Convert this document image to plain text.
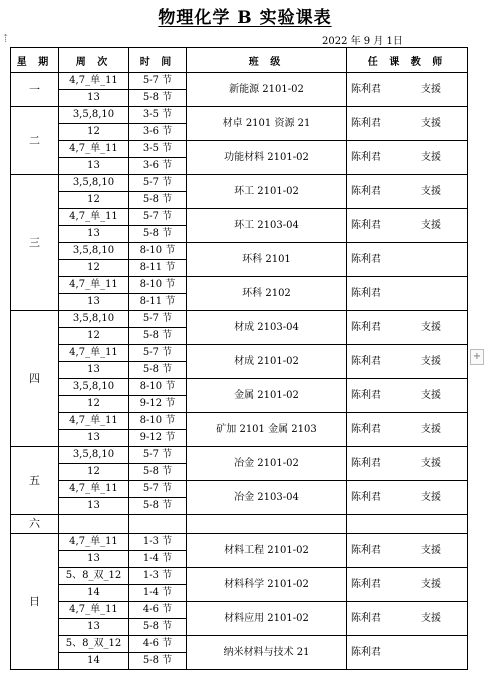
物理化学 B 实验课表
2022 年 9 月 1日
⇡
+
星 期	周 次	时 间	班 级	任 课 教 师
一	4,7_单_11	5-7 节	新能源 2101-02	陈利君 支援
	13	5-8 节		
二	3,5,8,10	3-5 节	材卓 2101 资源 21	陈利君 支援
	12	3-6 节		
	4,7_单_11	3-5 节	功能材料 2101-02	陈利君 支援
	13	3-6 节		
三	3,5,8,10	5-7 节	环工 2101-02	陈利君 支援
	12	5-8 节		
	4,7_单_11	5-7 节	环工 2103-04	陈利君 支援
	13	5-8 节		
	3,5,8,10	8-10 节	环科 2101	陈利君
	12	8-11 节		
	4,7_单_11	8-10 节	环科 2102	陈利君
	13	8-11 节		
四	3,5,8,10	5-7 节	材成 2103-04	陈利君 支援
	12	5-8 节		
	4,7_单_11	5-7 节	材成 2101-02	陈利君 支援
	13	5-8 节		
	3,5,8,10	8-10 节	金属 2101-02	陈利君 支援
	12	9-12 节		
	4,7_单_11	8-10 节	矿加 2101 金属 2103	陈利君 支援
	13	9-12 节		
五	3,5,8,10	5-7 节	冶金 2101-02	陈利君 支援
	12	5-8 节		
	4,7_单_11	5-7 节	冶金 2103-04	陈利君 支援
	13	5-8 节		
六				
日	4,7_单_11	1-3 节	材料工程 2101-02	陈利君 支援
	13	1-4 节		
	5、8_双_12	1-3 节	材料科学 2101-02	陈利君 支援
	14	1-4 节		
	4,7_单_11	4-6 节	材料应用 2101-02	陈利君 支援
	13	5-8 节		
	5、8_双_12	4-6 节	纳米材料与技术 21	陈利君
	14	5-8 节		
